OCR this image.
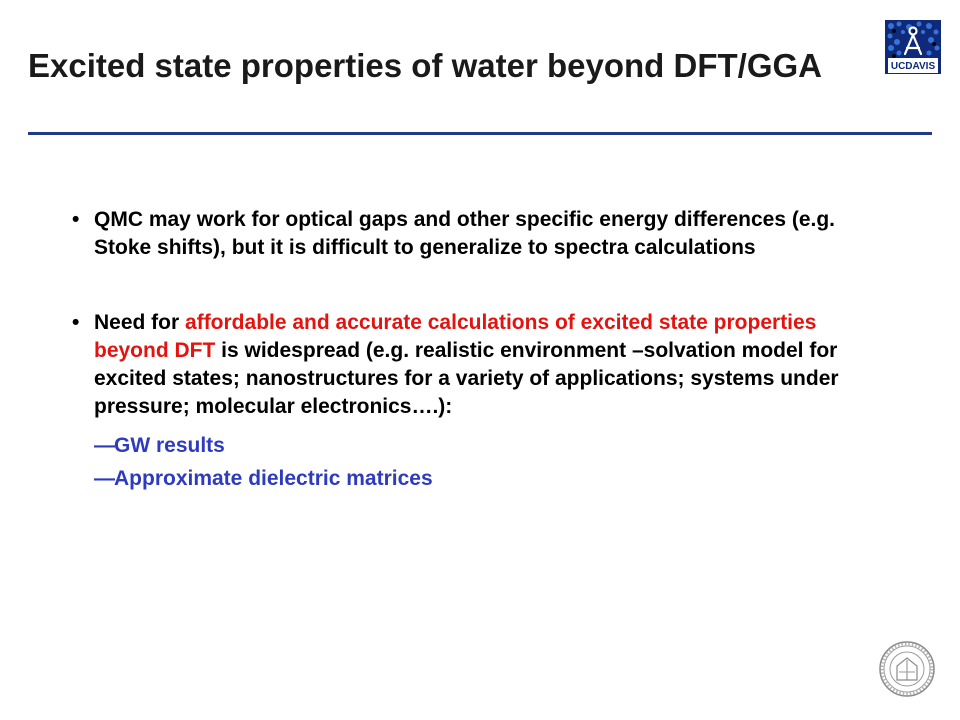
Excited state properties of water beyond DFT/GGA	UCDAVIS
• QMC may work for optical gaps and other specific energy differences (e.g. Stoke shifts), but it is difficult to generalize to spectra calculations
• Need for affordable and accurate calculations of excited state properties beyond DFT is widespread (e.g. realistic environment –solvation model for excited states; nanostructures for a variety of applications; systems under pressure; molecular electronics….):
— GW results
— Approximate dielectric matrices
